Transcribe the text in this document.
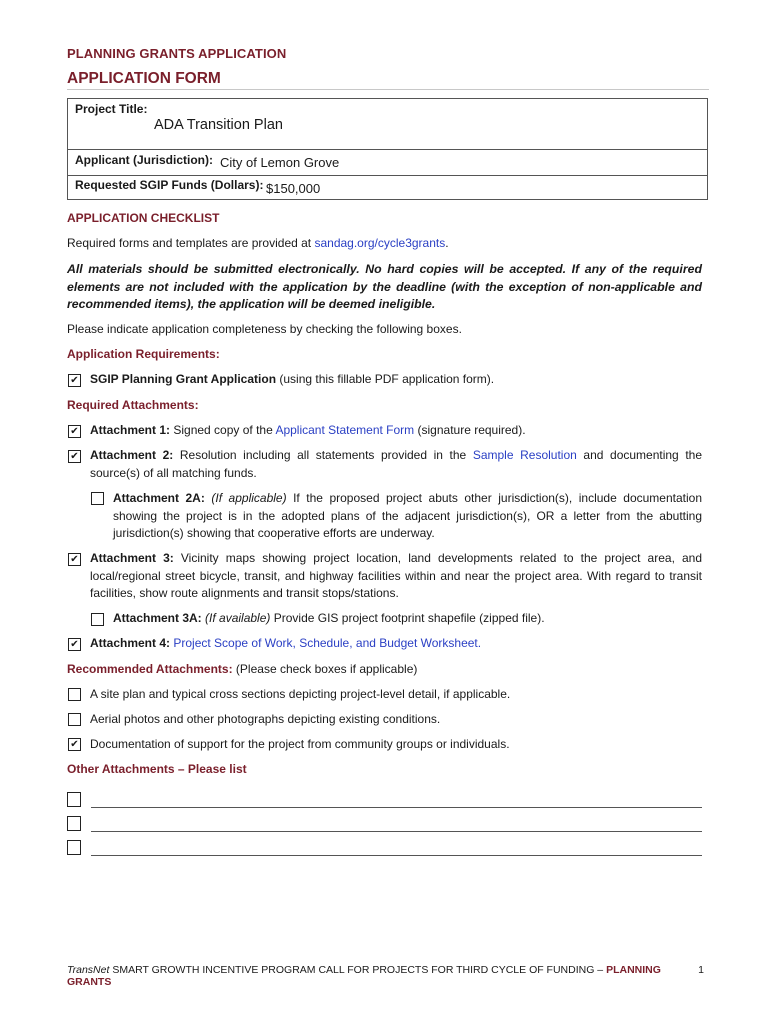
PLANNING GRANTS APPLICATION
APPLICATION FORM
Project Title:
ADA Transition Plan
Applicant (Jurisdiction): City of Lemon Grove
Requested SGIP Funds (Dollars): $150,000
APPLICATION CHECKLIST
Required forms and templates are provided at sandag.org/cycle3grants.
All materials should be submitted electronically. No hard copies will be accepted. If any of the required elements are not included with the application by the deadline (with the exception of non-applicable and recommended items), the application will be deemed ineligible.
Please indicate application completeness by checking the following boxes.
Application Requirements:
✔ SGIP Planning Grant Application (using this fillable PDF application form).
Required Attachments:
✔ Attachment 1: Signed copy of the Applicant Statement Form (signature required).
✔ Attachment 2: Resolution including all statements provided in the Sample Resolution and documenting the source(s) of all matching funds.
Attachment 2A: (If applicable) If the proposed project abuts other jurisdiction(s), include documentation showing the project is in the adopted plans of the adjacent jurisdiction(s), OR a letter from the abutting jurisdiction(s) showing that cooperative efforts are underway.
✔ Attachment 3: Vicinity maps showing project location, land developments related to the project area, and local/regional street bicycle, transit, and highway facilities within and near the project area. With regard to transit facilities, show route alignments and transit stops/stations.
Attachment 3A: (If available) Provide GIS project footprint shapefile (zipped file).
✔ Attachment 4: Project Scope of Work, Schedule, and Budget Worksheet.
Recommended Attachments: (Please check boxes if applicable)
A site plan and typical cross sections depicting project-level detail, if applicable.
Aerial photos and other photographs depicting existing conditions.
✔ Documentation of support for the project from community groups or individuals.
Other Attachments – Please list
TransNet SMART GROWTH INCENTIVE PROGRAM CALL FOR PROJECTS FOR THIRD CYCLE OF FUNDING – PLANNING GRANTS
1
